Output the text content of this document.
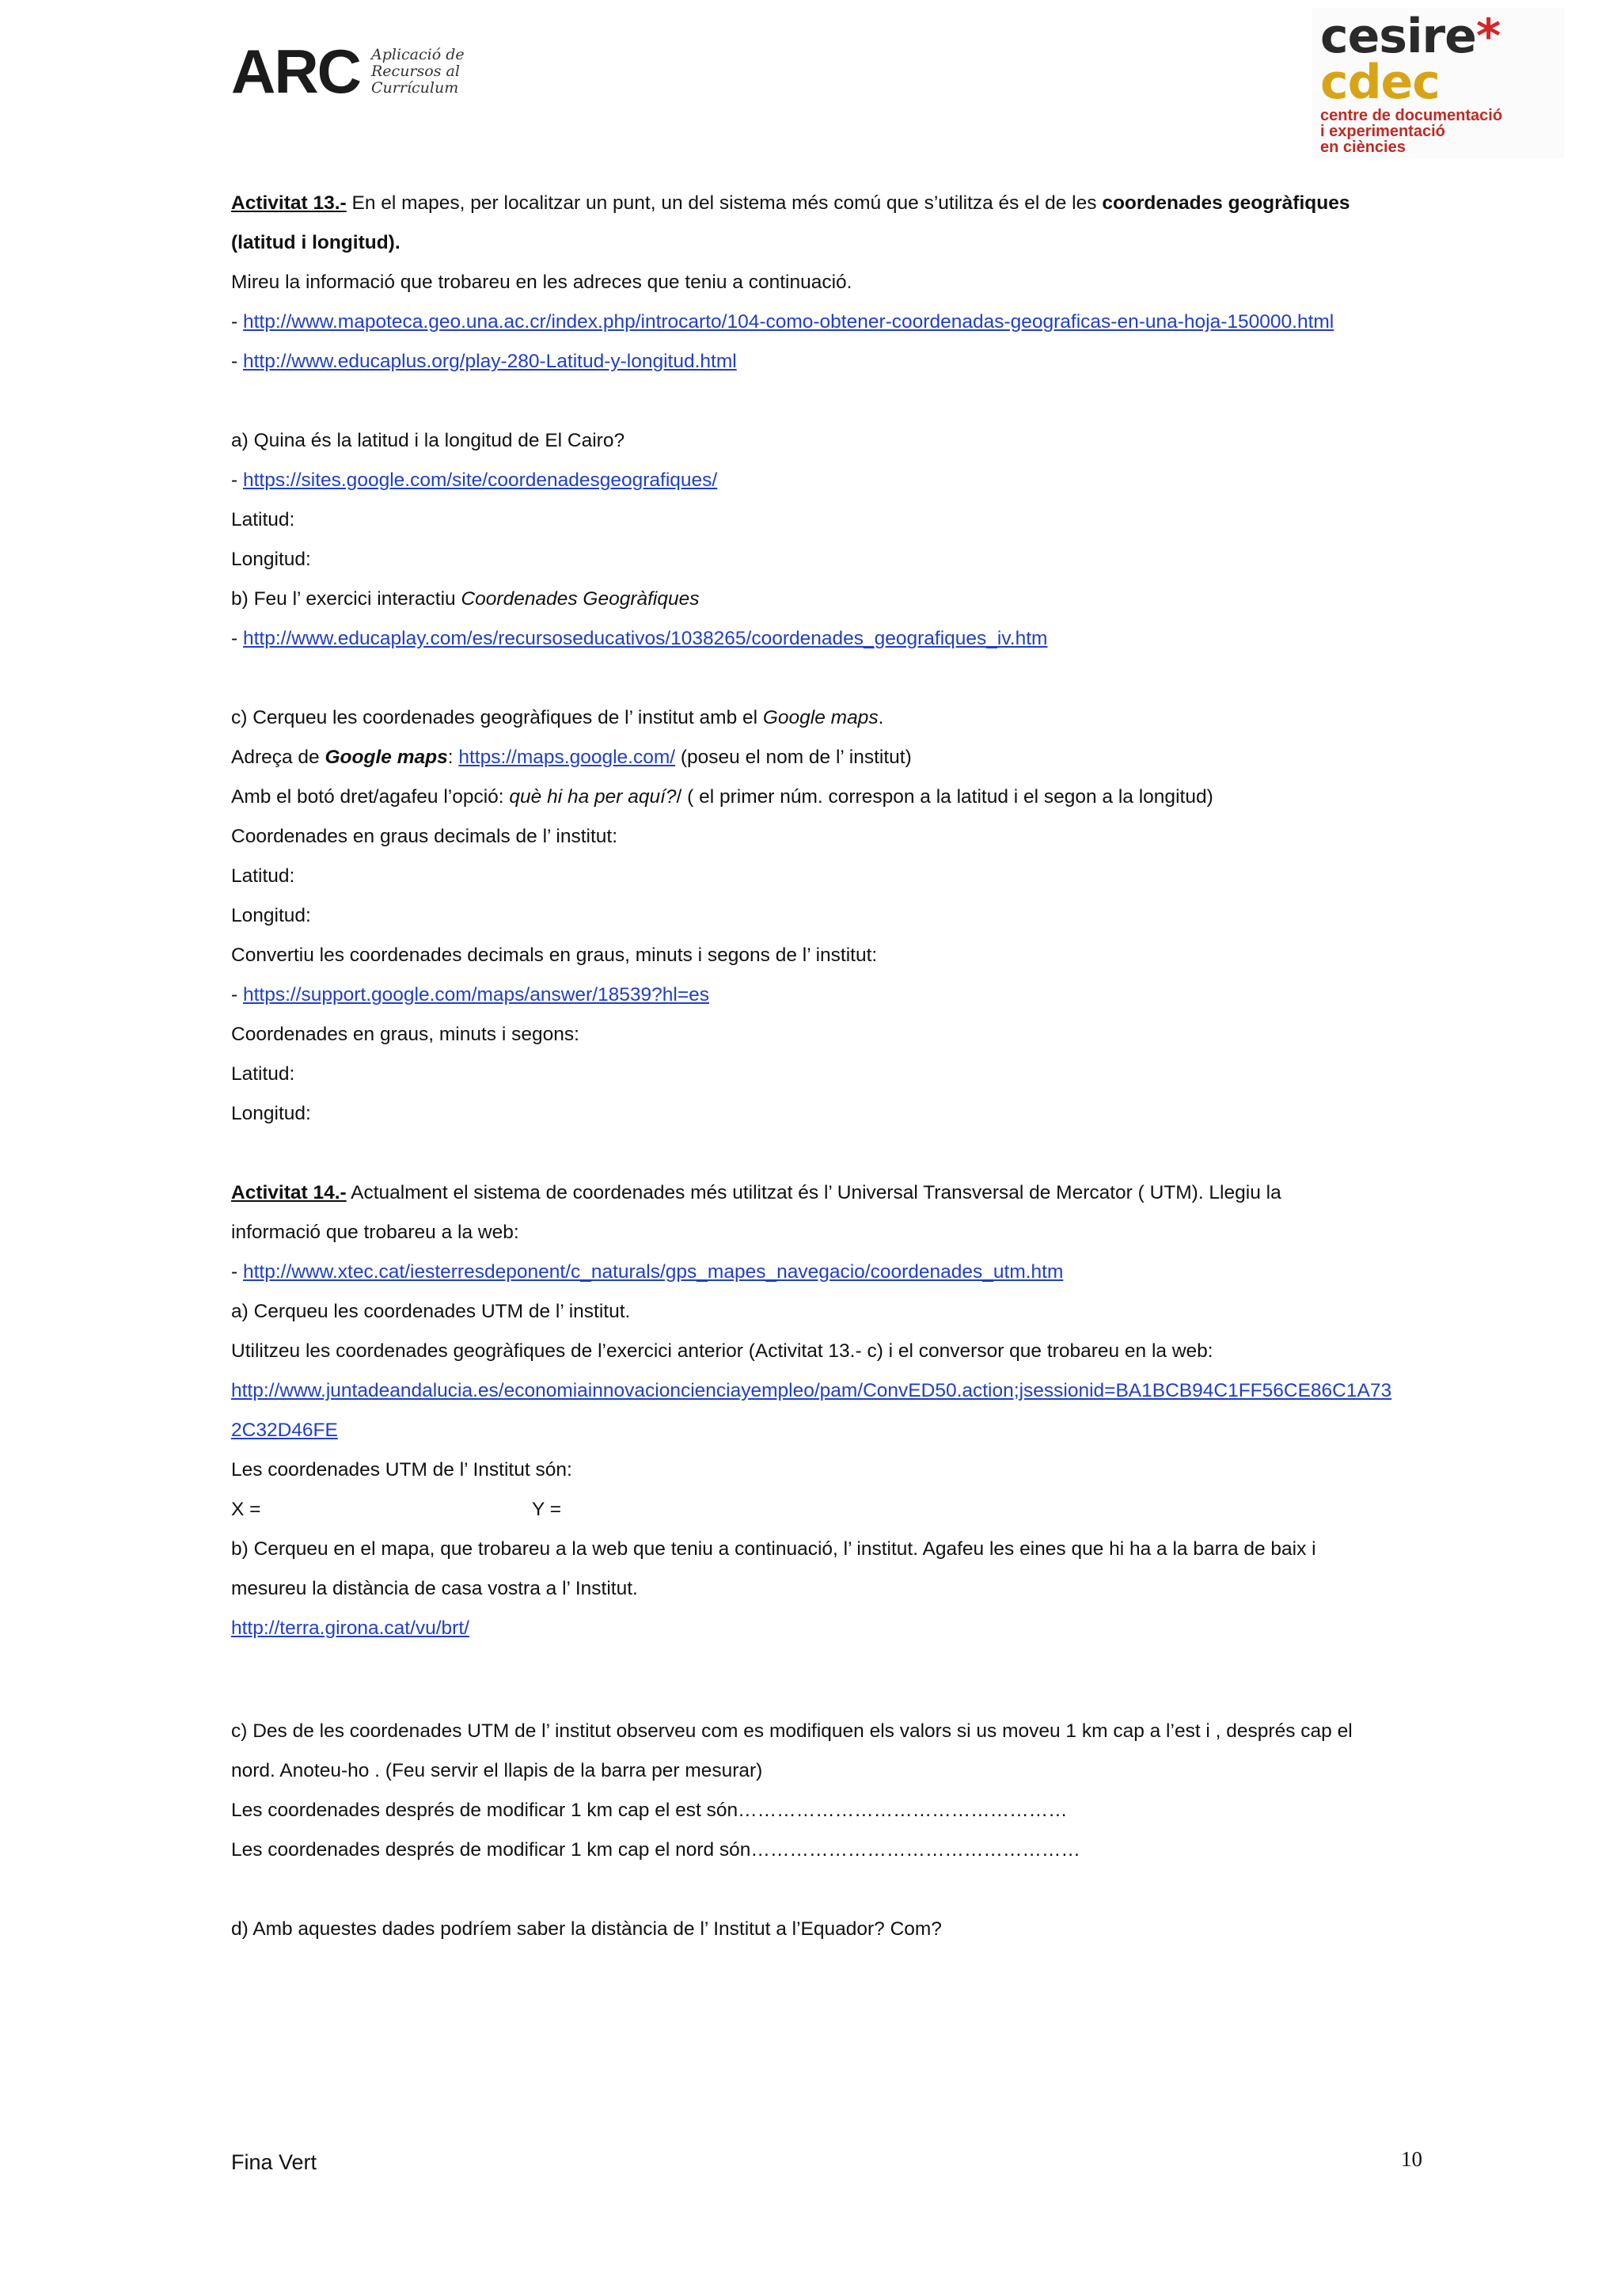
ARC Aplicació de
Recursos al
Currículum
cesire*
cdec
centre de documentació
i experimentació
en ciències
Activitat 13.- En el mapes, per localitzar un punt, un del sistema més comú que s’utilitza és el de les coordenades geogràfiques
(latitud i longitud).
Mireu la informació que trobareu en les adreces que teniu a continuació.
- http://www.mapoteca.geo.una.ac.cr/index.php/introcarto/104-como-obtener-coordenadas-geograficas-en-una-hoja-150000.html
- http://www.educaplus.org/play-280-Latitud-y-longitud.html
a) Quina és la latitud i la longitud de El Cairo?
- https://sites.google.com/site/coordenadesgeografiques/
Latitud:
Longitud:
b) Feu l’ exercici interactiu Coordenades Geogràfiques
- http://www.educaplay.com/es/recursoseducativos/1038265/coordenades_geografiques_iv.htm
c) Cerqueu les coordenades geogràfiques de l’ institut amb el Google maps.
Adreça de Google maps: https://maps.google.com/ (poseu el nom de l’ institut)
Amb el botó dret/agafeu l’opció: què hi ha per aquí?/ ( el primer núm. correspon a la latitud i el segon a la longitud)
Coordenades en graus decimals de l’ institut:
Latitud:
Longitud:
Convertiu les coordenades decimals en graus, minuts i segons de l’ institut:
- https://support.google.com/maps/answer/18539?hl=es
Coordenades en graus, minuts i segons:
Latitud:
Longitud:
Activitat 14.- Actualment el sistema de coordenades més utilitzat és l’ Universal Transversal de Mercator ( UTM). Llegiu la
informació que trobareu a la web:
- http://www.xtec.cat/iesterresdeponent/c_naturals/gps_mapes_navegacio/coordenades_utm.htm
a) Cerqueu les coordenades UTM de l’ institut.
Utilitzeu les coordenades geogràfiques de l’exercici anterior (Activitat 13.- c) i el conversor que trobareu en la web:
http://www.juntadeandalucia.es/economiainnovacioncienciayempleo/pam/ConvED50.action;jsessionid=BA1BCB94C1FF56CE86C1A73
2C32D46FE
Les coordenades UTM de l’ Institut són:
X =	Y =
b) Cerqueu en el mapa, que trobareu a la web que teniu a continuació, l’ institut. Agafeu les eines que hi ha a la barra de baix i
mesureu la distància de casa vostra a l’ Institut.
http://terra.girona.cat/vu/brt/
c) Des de les coordenades UTM de l’ institut observeu com es modifiquen els valors si us moveu 1 km cap a l’est i , després cap el
nord. Anoteu-ho . (Feu servir el llapis de la barra per mesurar)
Les coordenades després de modificar 1 km cap el est són……………………………………………
Les coordenades després de modificar 1 km cap el nord són……………………………………………
d) Amb aquestes dades podríem saber la distància de l’ Institut a l’Equador? Com?
Fina Vert	10
